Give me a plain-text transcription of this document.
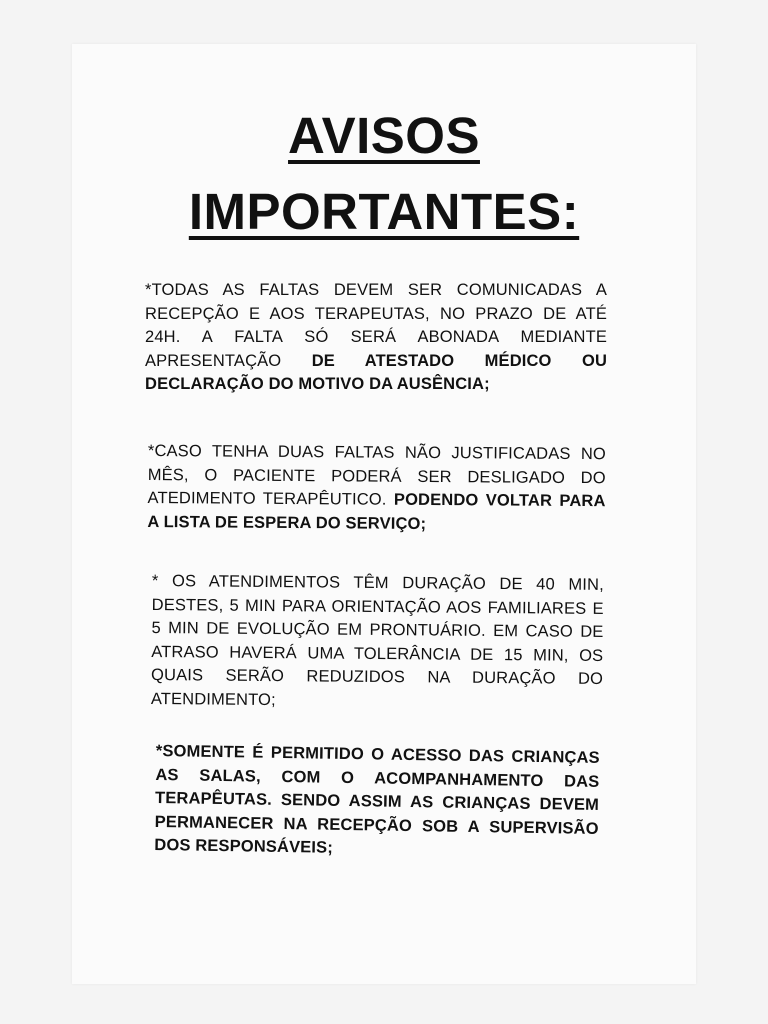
AVISOS
IMPORTANTES:

*TODAS AS FALTAS DEVEM SER COMUNICADAS A RECEPÇÃO E AOS TERAPEUTAS, NO PRAZO DE ATÉ 24H. A FALTA SÓ SERÁ ABONADA MEDIANTE APRESENTAÇÃO DE ATESTADO MÉDICO OU DECLARAÇÃO DO MOTIVO DA AUSÊNCIA;

*CASO TENHA DUAS FALTAS NÃO JUSTIFICADAS NO MÊS, O PACIENTE PODERÁ SER DESLIGADO DO ATEDIMENTO TERAPÊUTICO. PODENDO VOLTAR PARA A LISTA DE ESPERA DO SERVIÇO;

* OS ATENDIMENTOS TÊM DURAÇÃO DE 40 MIN, DESTES, 5 MIN PARA ORIENTAÇÃO AOS FAMILIARES E 5 MIN DE EVOLUÇÃO EM PRONTUÁRIO. EM CASO DE ATRASO HAVERÁ UMA TOLERÂNCIA DE 15 MIN, OS QUAIS SERÃO REDUZIDOS NA DURAÇÃO DO ATENDIMENTO;

*SOMENTE É PERMITIDO O ACESSO DAS CRIANÇAS AS SALAS, COM O ACOMPANHAMENTO DAS TERAPÊUTAS. SENDO ASSIM AS CRIANÇAS DEVEM PERMANECER NA RECEPÇÃO SOB A SUPERVISÃO DOS RESPONSÁVEIS;
